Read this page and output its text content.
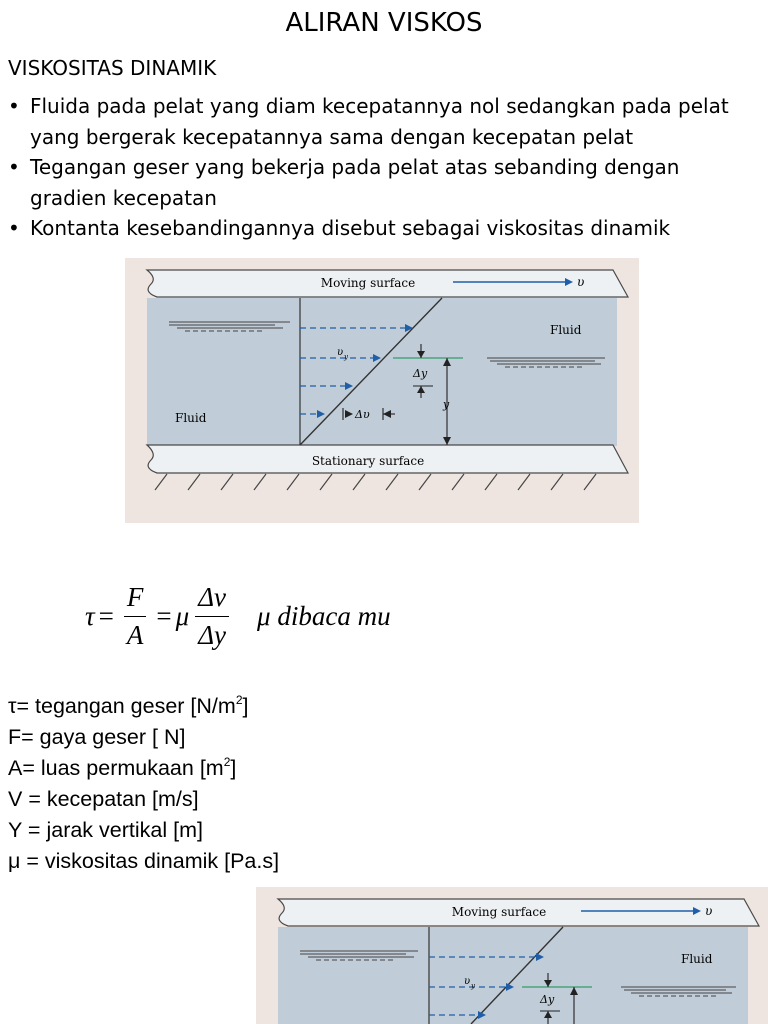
ALIRAN VISKOS
VISKOSITAS DINAMIK
• Fluida pada pelat yang diam kecepatannya nol sedangkan pada pelat yang bergerak kecepatannya sama dengan kecepatan pelat
• Tegangan geser yang bekerja pada pelat atas sebanding dengan gradien kecepatan
• Kontanta kesebandingannya disebut sebagai viskositas dinamik
Moving surface	υ
Stationary surface
Fluid
Fluid
υ y
Δy
y
Δυ
$\tau = \frac{F}{A} = \mu \frac{\Delta v}{\Delta y}$ μ dibaca mu
τ= tegangan geser $[N/m^2]$
F= gaya geser [ N]
A= luas permukaan $[m^2]$
V = kecepatan [m/s]
Y = jarak vertikal [m]
μ = viskositas dinamik [Pa.s]
Moving surface	υ
Fluid
υ y
Δy
